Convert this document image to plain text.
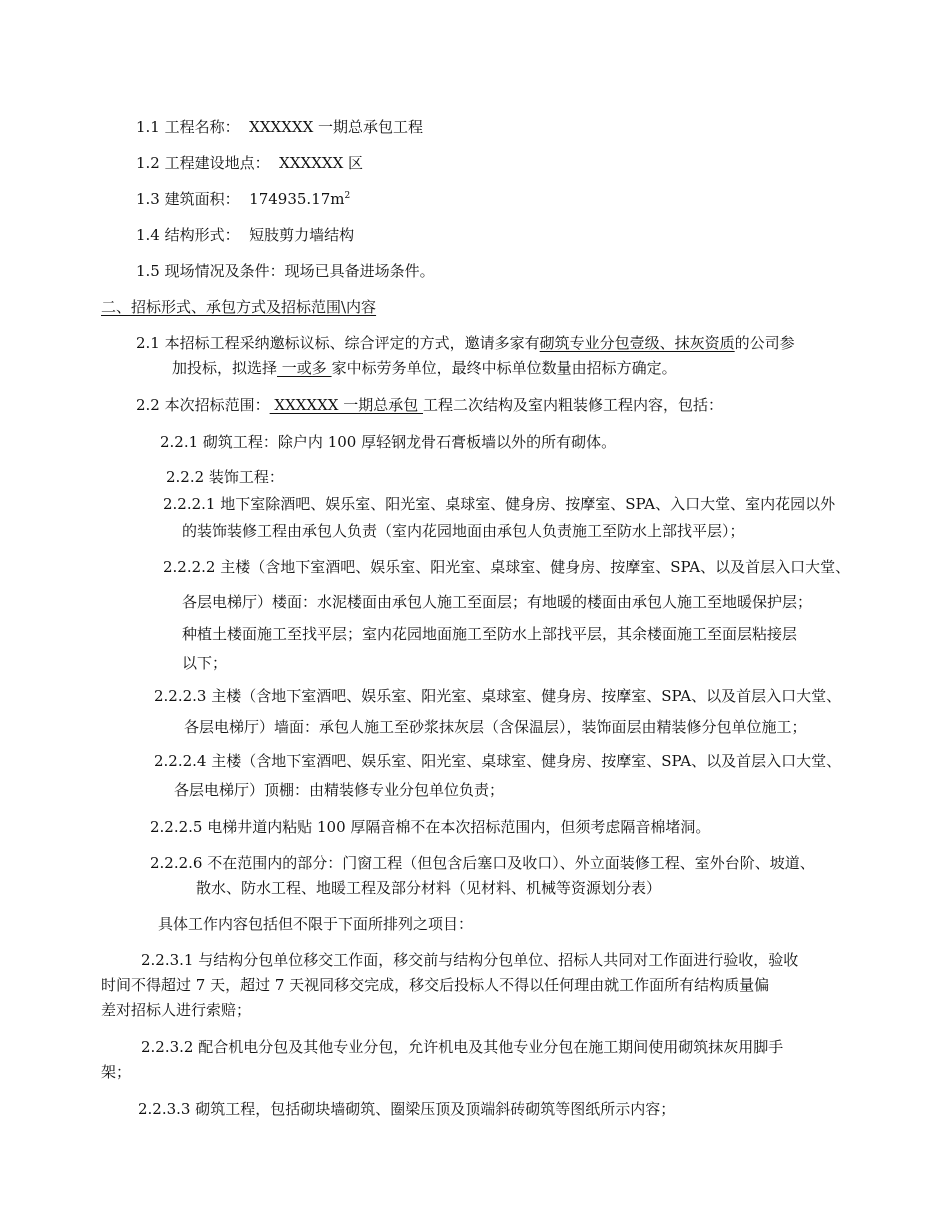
1.1 工程名称： XXXXXX 一期总承包工程
1.2 工程建设地点： XXXXXX 区
1.3 建筑面积： $174935.17m^2$
1.4 结构形式： 短肢剪力墙结构
1.5 现场情况及条件：现场已具备进场条件。
二、招标形式、承包方式及招标范围\内容
2.1 本招标工程采纳邀标议标、综合评定的方式，邀请多家有砌筑专业分包壹级、抹灰资质的公司参
加投标，拟选择 一或多 家中标劳务单位，最终中标单位数量由招标方确定。
2.2 本次招标范围： XXXXXX 一期总承包 工程二次结构及室内粗装修工程内容，包括：
2.2.1 砌筑工程：除户内 100 厚轻钢龙骨石膏板墙以外的所有砌体。
2.2.2 装饰工程：
2.2.2.1 地下室除酒吧、娱乐室、阳光室、桌球室、健身房、按摩室、SPA、入口大堂、室内花园以外
的装饰装修工程由承包人负责（室内花园地面由承包人负责施工至防水上部找平层）；
2.2.2.2 主楼（含地下室酒吧、娱乐室、阳光室、桌球室、健身房、按摩室、SPA、以及首层入口大堂、
各层电梯厅）楼面：水泥楼面由承包人施工至面层；有地暖的楼面由承包人施工至地暖保护层；
种植土楼面施工至找平层；室内花园地面施工至防水上部找平层，其余楼面施工至面层粘接层
以下；
2.2.2.3 主楼（含地下室酒吧、娱乐室、阳光室、桌球室、健身房、按摩室、SPA、以及首层入口大堂、
各层电梯厅）墙面：承包人施工至砂浆抹灰层（含保温层），装饰面层由精装修分包单位施工；
2.2.2.4 主楼（含地下室酒吧、娱乐室、阳光室、桌球室、健身房、按摩室、SPA、以及首层入口大堂、
各层电梯厅）顶棚：由精装修专业分包单位负责；
2.2.2.5 电梯井道内粘贴 100 厚隔音棉不在本次招标范围内，但须考虑隔音棉堵洞。
2.2.2.6 不在范围内的部分：门窗工程（但包含后塞口及收口）、外立面装修工程、室外台阶、坡道、
散水、防水工程、地暖工程及部分材料（见材料、机械等资源划分表）
具体工作内容包括但不限于下面所排列之项目：
2.2.3.1 与结构分包单位移交工作面，移交前与结构分包单位、招标人共同对工作面进行验收，验收
时间不得超过 7 天，超过 7 天视同移交完成，移交后投标人不得以任何理由就工作面所有结构质量偏
差对招标人进行索赔；
2.2.3.2 配合机电分包及其他专业分包，允许机电及其他专业分包在施工期间使用砌筑抹灰用脚手
架；
2.2.3.3 砌筑工程，包括砌块墙砌筑、圈梁压顶及顶端斜砖砌筑等图纸所示内容；
